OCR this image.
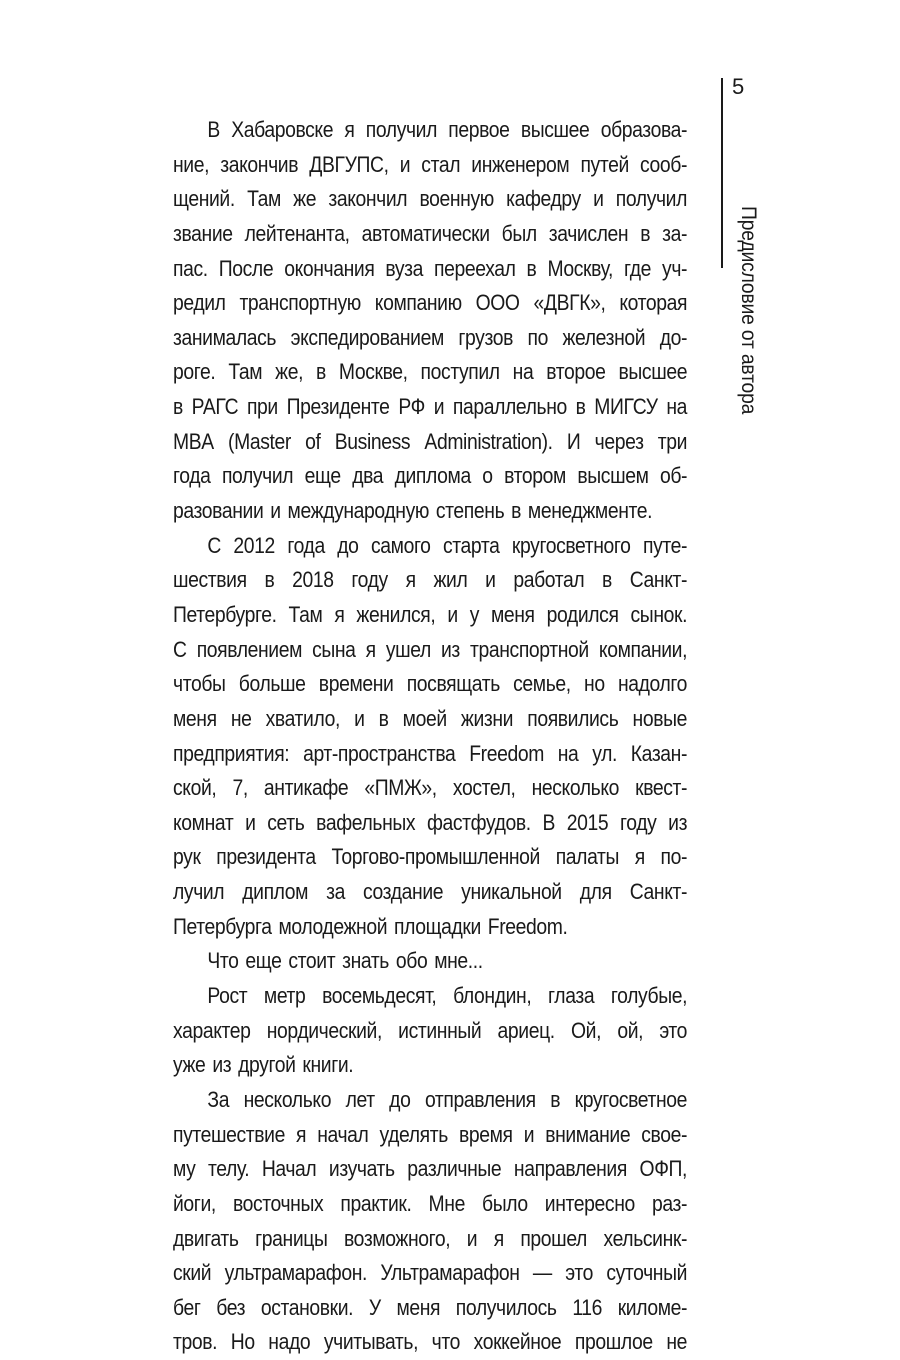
5
Предисловие от автора
В Хабаровске я получил первое высшее образова-
ние, закончив ДВГУПС, и стал инженером путей сооб-
щений. Там же закончил военную кафедру и получил
звание лейтенанта, автоматически был зачислен в за-
пас. После окончания вуза переехал в Москву, где уч-
редил транспортную компанию ООО «ДВГК», которая
занималась экспедированием грузов по железной до-
роге. Там же, в Москве, поступил на второе высшее
в РАГС при Президенте РФ и параллельно в МИГСУ на
MBA (Master of Business Administration). И через три
года получил еще два диплома о втором высшем об-
разовании и международную степень в менеджменте.
С 2012 года до самого старта кругосветного путе-
шествия в 2018 году я жил и работал в Санкт-
Петербурге. Там я женился, и у меня родился сынок.
С появлением сына я ушел из транспортной компании,
чтобы больше времени посвящать семье, но надолго
меня не хватило, и в моей жизни появились новые
предприятия: арт-пространства Freedom на ул. Казан-
ской, 7, антикафе «ПМЖ», хостел, несколько квест-
комнат и сеть вафельных фастфудов. В 2015 году из
рук президента Торгово-промышленной палаты я по-
лучил диплом за создание уникальной для Санкт-
Петербурга молодежной площадки Freedom.
Что еще стоит знать обо мне...
Рост метр восемьдесят, блондин, глаза голубые,
характер нордический, истинный ариец. Ой, ой, это
уже из другой книги.
За несколько лет до отправления в кругосветное
путешествие я начал уделять время и внимание свое-
му телу. Начал изучать различные направления ОФП,
йоги, восточных практик. Мне было интересно раз-
двигать границы возможного, и я прошел хельсинк-
ский ультрамарафон. Ультрамарафон — это суточный
бег без остановки. У меня получилось 116 киломе-
тров. Но надо учитывать, что хоккейное прошлое не
